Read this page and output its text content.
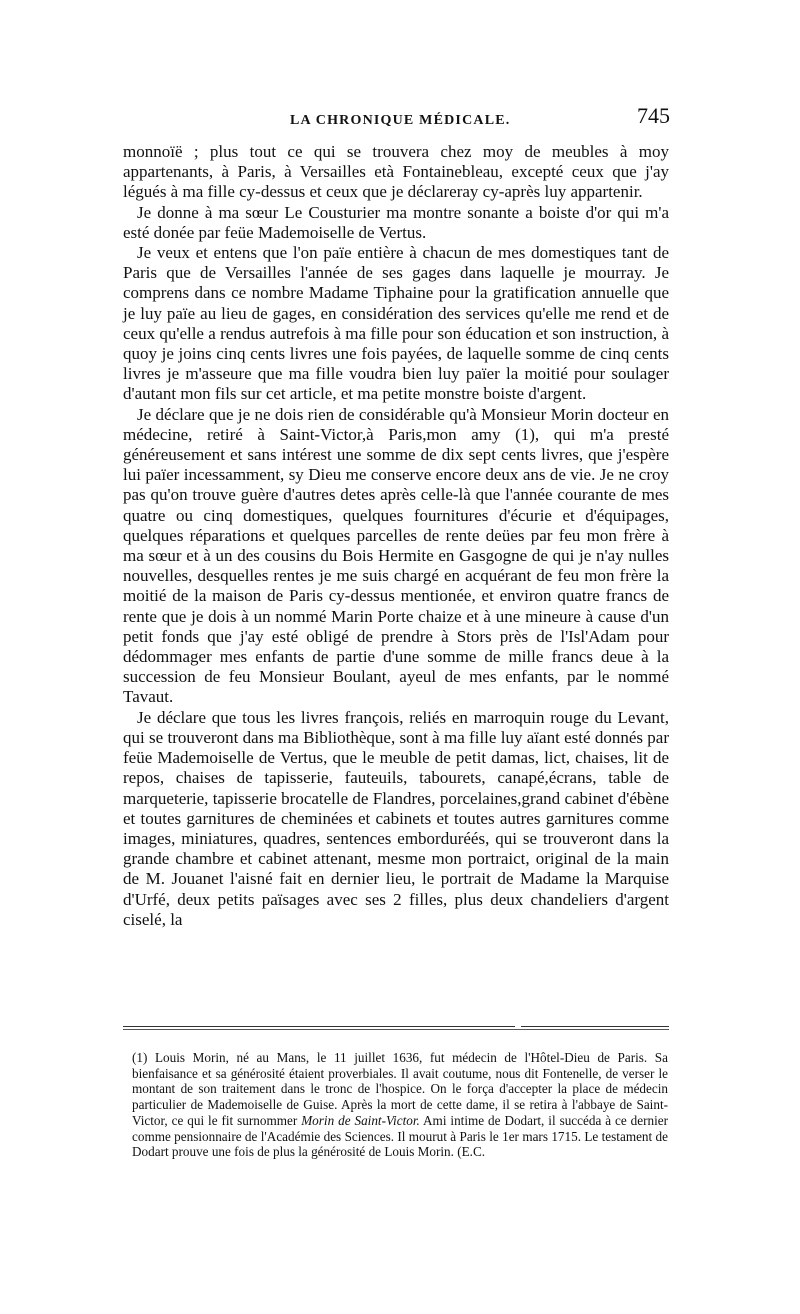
LA CHRONIQUE MÉDICALE.	745

monnoïë ; plus tout ce qui se trouvera chez moy de meubles à moy appartenants, à Paris, à Versailles età Fontainebleau, excepté ceux que j'ay légués à ma fille cy-dessus et ceux que je déclareray cy-après luy appartenir.

Je donne à ma sœur Le Cousturier ma montre sonante a boiste d'or qui m'a esté donée par feüe Mademoiselle de Vertus.

Je veux et entens que l'on païe entière à chacun de mes domestiques tant de Paris que de Versailles l'année de ses gages dans laquelle je mourray. Je comprens dans ce nombre Madame Tiphaine pour la gratification annuelle que je luy païe au lieu de gages, en considération des services qu'elle me rend et de ceux qu'elle a rendus autrefois à ma fille pour son éducation et son instruction, à quoy je joins cinq cents livres une fois payées, de laquelle somme de cinq cents livres je m'asseure que ma fille voudra bien luy païer la moitié pour soulager d'autant mon fils sur cet article, et ma petite monstre boiste d'argent.

Je déclare que je ne dois rien de considérable qu'à Monsieur Morin docteur en médecine, retiré à Saint-Victor,à Paris,mon amy (1), qui m'a presté généreusement et sans intérest une somme de dix sept cents livres, que j'espère lui païer incessamment, sy Dieu me conserve encore deux ans de vie. Je ne croy pas qu'on trouve guère d'autres detes après celle-là que l'année courante de mes quatre ou cinq domestiques, quelques fournitures d'écurie et d'équipages, quelques réparations et quelques parcelles de rente deües par feu mon frère à ma sœur et à un des cousins du Bois Hermite en Gasgogne de qui je n'ay nulles nouvelles, desquelles rentes je me suis chargé en acquérant de feu mon frère la moitié de la maison de Paris cy-dessus mentionée, et environ quatre francs de rente que je dois à un nommé Marin Porte chaize et à une mineure à cause d'un petit fonds que j'ay esté obligé de prendre à Stors près de l'Isl'Adam pour dédommager mes enfants de partie d'une somme de mille francs deue à la succession de feu Monsieur Boulant, ayeul de mes enfants, par le nommé Tavaut.

Je déclare que tous les livres françois, reliés en marroquin rouge du Levant, qui se trouveront dans ma Bibliothèque, sont à ma fille luy aïant esté donnés par feüe Mademoiselle de Vertus, que le meuble de petit damas, lict, chaises, lit de repos, chaises de tapisserie, fauteuils, tabourets, canapé,écrans, table de marqueterie, tapisserie brocatelle de Flandres, porcelaines,grand cabinet d'ébène et toutes garnitures de cheminées et cabinets et toutes autres garnitures comme images, miniatures, quadres, sentences emborduréés, qui se trouveront dans la grande chambre et cabinet attenant, mesme mon portraict, original de la main de M. Jouanet l'aisné fait en dernier lieu, le portrait de Madame la Marquise d'Urfé, deux petits païsages avec ses 2 filles, plus deux chandeliers d'argent ciselé, la

(1) Louis Morin, né au Mans, le 11 juillet 1636, fut médecin de l'Hôtel-Dieu de Paris. Sa bienfaisance et sa générosité étaient proverbiales. Il avait coutume, nous dit Fontenelle, de verser le montant de son traitement dans le tronc de l'hospice. On le força d'accepter la place de médecin particulier de Mademoiselle de Guise. Après la mort de cette dame, il se retira à l'abbaye de Saint-Victor, ce qui le fit surnommer Morin de Saint-Victor. Ami intime de Dodart, il succéda à ce dernier comme pensionnaire de l'Académie des Sciences. Il mourut à Paris le 1er mars 1715. Le testament de Dodart prouve une fois de plus la générosité de Louis Morin. (E.C.
